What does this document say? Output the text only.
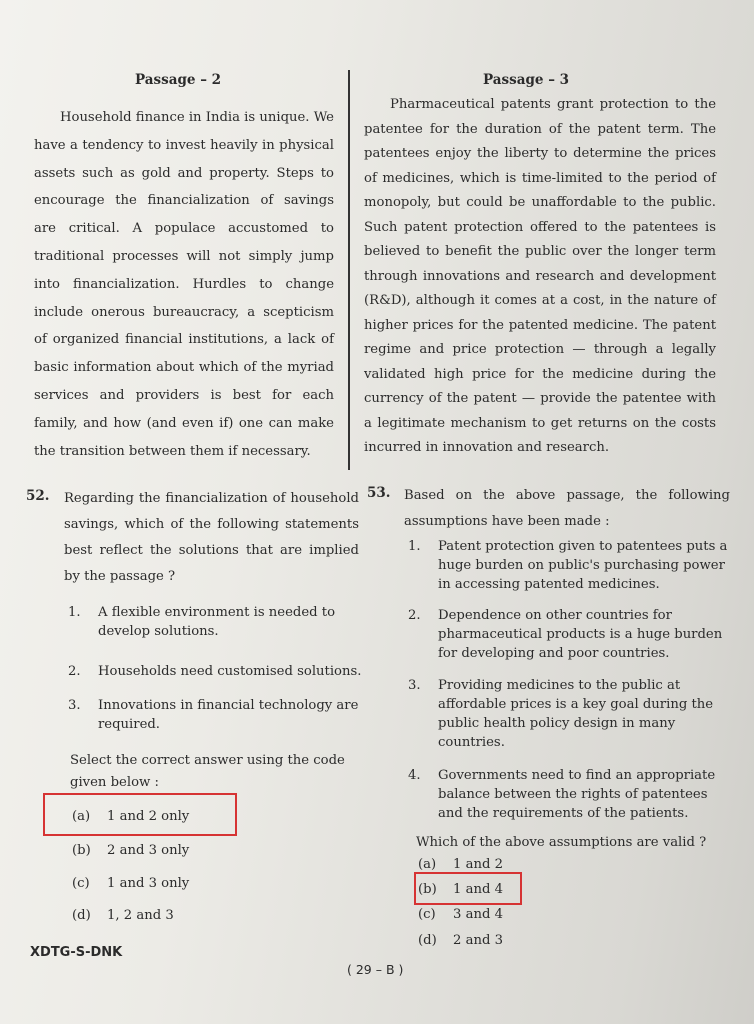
Passage – 2
Household finance in India is unique. We have a tendency to invest heavily in physical assets such as gold and property. Steps to encourage the financialization of savings are critical. A populace accustomed to traditional processes will not simply jump into financialization. Hurdles to change include onerous bureaucracy, a scepticism of organized financial institutions, a lack of basic information about which of the myriad services and providers is best for each family, and how (and even if) one can make the transition between them if necessary.
Passage – 3
Pharmaceutical patents grant protection to the patentee for the duration of the patent term. The patentees enjoy the liberty to determine the prices of medicines, which is time-limited to the period of monopoly, but could be unaffordable to the public. Such patent protection offered to the patentees is believed to benefit the public over the longer term through innovations and research and development (R&D), although it comes at a cost, in the nature of higher prices for the patented medicine. The patent regime and price protection — through a legally validated high price for the medicine during the currency of the patent — provide the patentee with a legitimate mechanism to get returns on the costs incurred in innovation and research.
52. Regarding the financialization of household savings, which of the following statements best reflect the solutions that are implied by the passage ?
1. A flexible environment is needed to develop solutions.
2. Households need customised solutions.
3. Innovations in financial technology are required.
Select the correct answer using the code given below :
(a) 1 and 2 only
(b) 2 and 3 only
(c) 1 and 3 only
(d) 1, 2 and 3
53. Based on the above passage, the following assumptions have been made :
1. Patent protection given to patentees puts a huge burden on public's purchasing power in accessing patented medicines.
2. Dependence on other countries for pharmaceutical products is a huge burden for developing and poor countries.
3. Providing medicines to the public at affordable prices is a key goal during the public health policy design in many countries.
4. Governments need to find an appropriate balance between the rights of patentees and the requirements of the patients.
Which of the above assumptions are valid ?
(a) 1 and 2
(b) 1 and 4
(c) 3 and 4
(d) 2 and 3
XDTG-S-DNK
( 29 – B )
